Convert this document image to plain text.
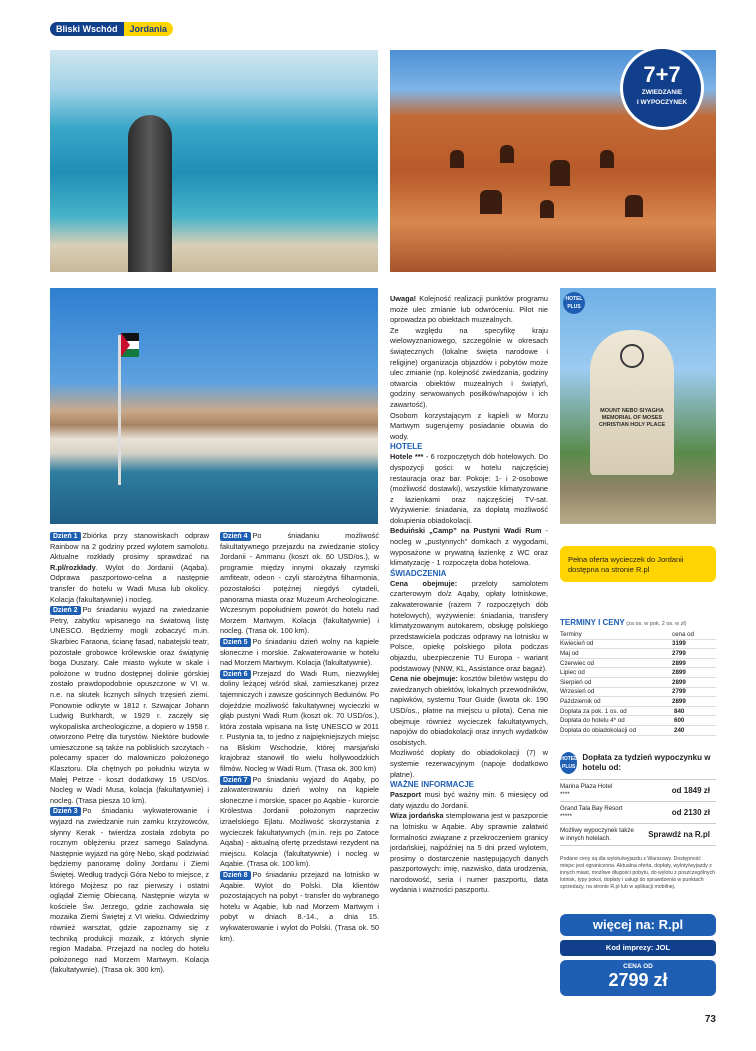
Bliski Wschód	Jordania
7+7
ZWIEDZANIE
I WYPOCZYNEK
MOUNT NEBO SIYAGHA
MEMORIAL OF MOSES
CHRISTIAN HOLY PLACE
HOTEL PLUS

Dzień 1 Zbiórka przy stanowiskach odpraw Rainbow na 2 godziny przed wylotem samolotu. Aktualne rozkłady prosimy sprawdzać na R.pl/rozkłady. Wylot do Jordanii (Aqaba). Odprawa paszportowo-celna a następnie transfer do hotelu w Wadi Musa lub okolicy. Kolacja (fakultatywnie) i nocleg.

Dzień 2 Po śniadaniu wyjazd na zwiedzanie Petry, zabytku wpisanego na światową listę UNESCO. Będziemy mogli zobaczyć m.in. Skarbiec Faraona, ścianę fasad, nabatejski teatr, pozostałe grobowce królewskie oraz świątynię boga Duszary. Całe miasto wykute w skale i położone w trudno dostępnej dolinie górskiej zostało prawdopodobnie opuszczone w VI w. n.e. na skutek licznych silnych trzęsień ziemi. Ponownie odkryte w 1812 r. Szwajcar Johann Ludwig Burkhardt, w 1929 r. zaczęły się wykopaliska archeologiczne, a dopiero w 1958 r. otworzono Petrę dla turystów. Niektóre budowle umieszczone są także na pobliskich szczytach - polecamy spacer do malowniczo położonego Klasztoru. Dla chętnych po południu wizyta w Małej Petrze - koszt dodatkowy 15 USD/os. Nocleg w Wadi Musa, kolacja (fakultatywnie) i nocleg. (Trasa piesza 10 km).

Dzień 3 Po śniadaniu wykwaterowanie i wyjazd na zwiedzanie ruin zamku krzyżowców, słynny Kerak - twierdza została zdobyta po rocznym oblężeniu przez samego Saladyna. Następnie wyjazd na górę Nebo, skąd podziwiać będziemy panoramę doliny Jordanu i Ziemi Świętej. Według tradycji Góra Nebo to miejsce, z którego Mojżesz po raz pierwszy i ostatni oglądał Ziemię Obiecaną. Następnie wizyta w kościele Św. Jerzego, gdzie zachowała się mozaika Ziemi Świętej z VI wieku. Odwiedzimy również warsztat, gdzie zapoznamy się z techniką produkcji mozaik, z których słynie region Madaba. Przejazd na nocleg do hotelu położonego nad Morzem Martwym. Kolacja (fakultatywnie). (Trasa ok. 300 km).

Dzień 4 Po śniadaniu możliwość fakultatywnego przejazdu na zwiedzanie stolicy Jordanii - Ammanu (koszt ok. 60 USD/os.), w programie między innymi okazały rzymski amfiteatr, odeon - czyli starożytna filharmonia, pozostałości potężnej niegdyś cytadeli, panorama miasta oraz Muzeum Archeologiczne. Wczesnym popołudniem powrót do hotelu nad Morzem Martwym. Kolacja (fakultatywnie) i nocleg. (Trasa ok. 100 km).

Dzień 5 Po śniadaniu dzień wolny na kąpiele słoneczne i morskie. Zakwaterowanie w hotelu nad Morzem Martwym. Kolacja (fakultatywnie).

Dzień 6 Przejazd do Wadi Rum, niezwykłej doliny leżącej wśród skał, zamieszkanej przez tajemniczych i zawsze gościnnych Beduinów. Po dojeździe możliwość fakultatywnej wycieczki w głąb pustyni Wadi Rum (koszt ok. 70 USD/os.), która została wpisana na listę UNESCO w 2011 r. Pustynia ta, to jedno z najpiękniejszych miejsc na Bliskim Wschodzie, której marsjański krajobraz stanowił tło wielu hollywoodzkich filmów. Nocleg w Wadi Rum. (Trasa ok. 300 km)

Dzień 7 Po śniadaniu wyjazd do Aqaby, po zakwaterowaniu dzień wolny na kąpiele słoneczne i morskie, spacer po Aqabie - kurorcie Królestwa Jordanii położonym naprzeciw izraelskiego Ejlatu. Możliwość skorzystania z wycieczek fakultatywnych (m.in. rejs po Zatoce Aqaba) - aktualną ofertę przedstawi rezydent na miejscu. Kolacja (fakultatywnie) i nocleg w Aqabie. (Trasa ok. 100 km).

Dzień 8 Po śniadaniu przejazd na lotnisko w Aqabie. Wylot do Polski. Dla klientów pozostających na pobyt - transfer do wybranego hotelu w Aqabie, lub nad Morzem Martwym i pobyt w dniach 8.-14., a dnia 15. wykwaterowanie i wylot do Polski. (Trasa ok. 50 km).

Uwaga! Kolejność realizacji punktów programu może ulec zmianie lub odwróceniu. Pilot nie oprowadza po obiektach muzealnych.

Ze względu na specyfikę kraju wielowyznaniowego, szczególnie w okresach świątecznych (lokalne święta narodowe i religijne) organizacja objazdów i pobytów może ulec zmianie (np. kolejność zwiedzania, godziny otwarcia obiektów muzealnych i świątyń, godziny serwowanych posiłków/napojów i ich zawartość).

Osobom korzystającym z kąpieli w Morzu Martwym sugerujemy posiadanie obuwia do wody.

HOTELE

Hotele *** - 6 rozpoczętych dób hotelowych. Do dyspozycji gości: w hotelu najczęściej restauracja oraz bar. Pokoje: 1- i 2-osobowe (możliwość dostawki), wszystkie klimatyzowane z łazienkami oraz najczęściej TV-sat. Wyżywienie: śniadania, za dopłatą możliwość dokupienia obiadokolacji.

Beduiński „Camp” na Pustyni Wadi Rum - nocleg w „pustynnych” domkach z wygodami, wyposażone w prywatną łazienkę z WC oraz klimatyzację - 1 rozpoczęta doba hotelowa.

ŚWIADCZENIA

Cena obejmuje: przeloty samolotem czarterowym do/z Aqaby, opłaty lotniskowe, zakwaterowanie (razem 7 rozpoczętych dób hotelowych), wyżywienie: śniadania, transfery klimatyzowanym autokarem, obsługę polskiego przedstawiciela podczas odprawy na lotnisku w Polsce, opiekę polskiego pilota podczas objazdu, ubezpieczenie TU Europa - wariant podstawowy (NNW, KL, Assistance oraz bagaż).

Cena nie obejmuje: kosztów biletów wstępu do zwiedzanych obiektów, lokalnych przewodników, napiwków, systemu Tour Guide (kwota ok. 190 USD/os., płatne na miejscu u pilota). Cena nie obejmuje również wycieczek fakultatywnych, napojów do obiadokolacji oraz innych wydatków osobistych.

Możliwość dopłaty do obiadokolacji (7) w systemie rezerwacyjnym (napoje dodatkowo płatne).

WAŻNE INFORMACJE

Paszport musi być ważny min. 6 miesięcy od daty wjazdu do Jordanii.

Wiza jordańska stemplowana jest w paszporcie na lotnisku w Aqabie. Aby sprawnie załatwić formalności związane z przekroczeniem granicy jordańskiej, najpóźniej na 5 dni przed wylotem, prosimy o dostarczenie następujących danych paszportowych: imię, nazwisko, data urodzenia, narodowość, seria i numer paszportu, data wydania i ważności paszportu.

Pełna oferta wycieczek do Jordanii dostępna na stronie R.pl
TERMINY I CENY (za os. w pok. 2 os. w zł)
Terminy	cena od
Kwiecień od	3199
Maj od	2799
Czerwiec od	2899
Lipiec od	2899
Sierpień od	2899
Wrzesień od	2799
Październik od	2899
Dopłata za pok. 1 os. od	840
Dopłata do hotelu 4* od	600
Dopłata do obiadokolacji od	240
HOTEL PLUS
Dopłata za tydzień wypoczynku w hotelu od:
Marina Plaza Hotel
****	od 1849 zł
Grand Tala Bay Resort
*****	od 2130 zł
Możliwy wypoczynek także w innych hotelach.	Sprawdź na R.pl
Podane ceny są dla wylotu/wyjazdu z Warszawy. Dostępność miejsc jest ograniczona. Aktualna oferta, dopłaty, wyloty/wyjazdy z innych miast, możliwe długości pobytu, do wylotu z poszczególnych lotnisk, typy pokoi, dopłaty i usługi do sprawdzenia w punktach sprzedaży, na stronie R.pl lub w aplikacji mobilnej.
więcej na: R.pl
Kod imprezy: JOL
CENA OD
2799 zł
73
